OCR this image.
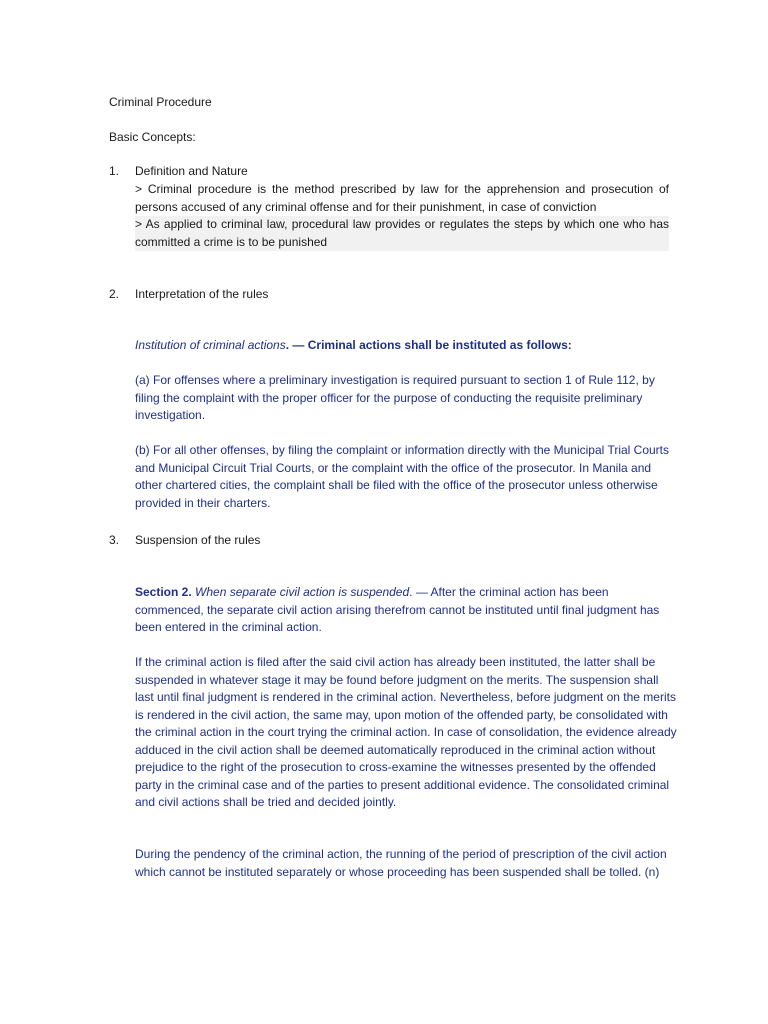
Criminal Procedure
Basic Concepts:
1. Definition and Nature
> Criminal procedure is the method prescribed by law for the apprehension and prosecution of persons accused of any criminal offense and for their punishment, in case of conviction
> As applied to criminal law, procedural law provides or regulates the steps by which one who has committed a crime is to be punished
2. Interpretation of the rules
Institution of criminal actions. — Criminal actions shall be instituted as follows:
(a) For offenses where a preliminary investigation is required pursuant to section 1 of Rule 112, by filing the complaint with the proper officer for the purpose of conducting the requisite preliminary investigation.
(b) For all other offenses, by filing the complaint or information directly with the Municipal Trial Courts and Municipal Circuit Trial Courts, or the complaint with the office of the prosecutor. In Manila and other chartered cities, the complaint shall be filed with the office of the prosecutor unless otherwise provided in their charters.
3. Suspension of the rules
Section 2. When separate civil action is suspended. — After the criminal action has been commenced, the separate civil action arising therefrom cannot be instituted until final judgment has been entered in the criminal action.
If the criminal action is filed after the said civil action has already been instituted, the latter shall be suspended in whatever stage it may be found before judgment on the merits. The suspension shall last until final judgment is rendered in the criminal action. Nevertheless, before judgment on the merits is rendered in the civil action, the same may, upon motion of the offended party, be consolidated with the criminal action in the court trying the criminal action. In case of consolidation, the evidence already adduced in the civil action shall be deemed automatically reproduced in the criminal action without prejudice to the right of the prosecution to cross-examine the witnesses presented by the offended party in the criminal case and of the parties to present additional evidence. The consolidated criminal and civil actions shall be tried and decided jointly.
During the pendency of the criminal action, the running of the period of prescription of the civil action which cannot be instituted separately or whose proceeding has been suspended shall be tolled. (n)
